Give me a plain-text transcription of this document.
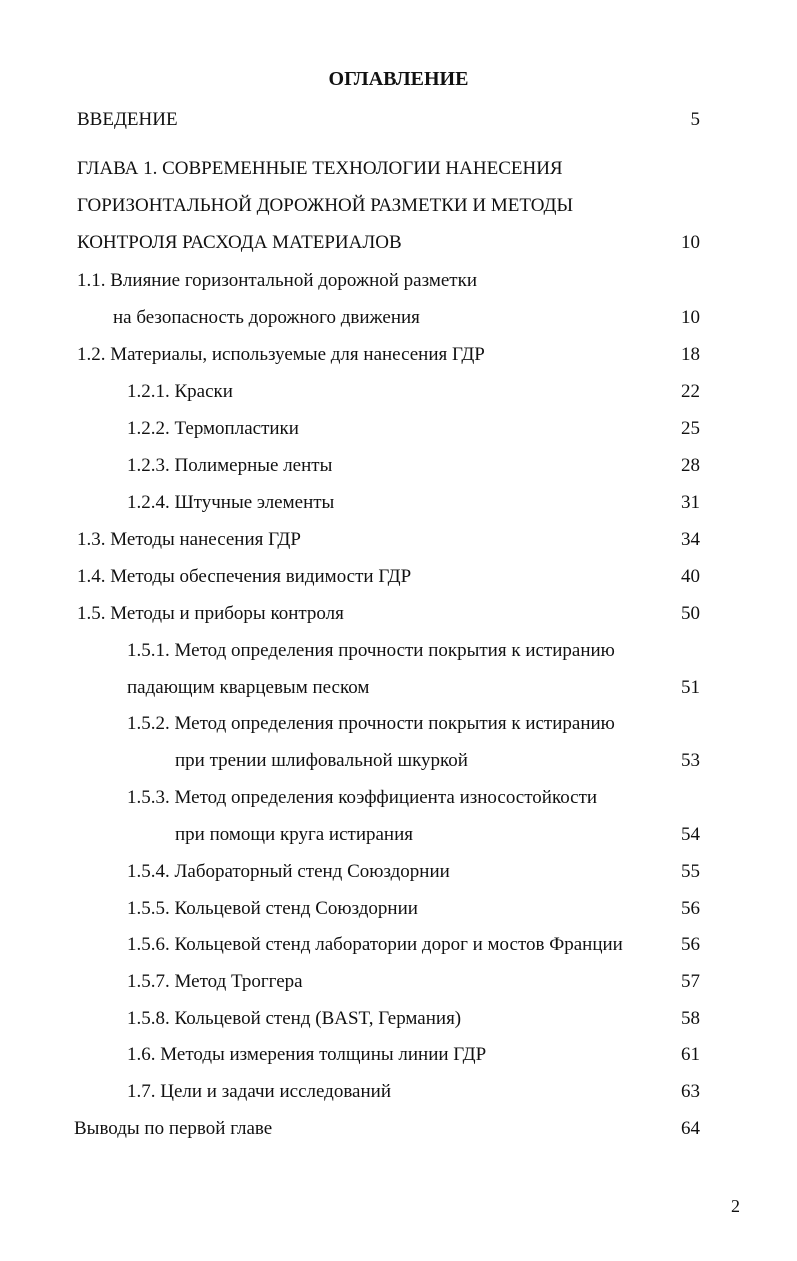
ОГЛАВЛЕНИЕ
ВВЕДЕНИЕ	5
ГЛАВА 1. СОВРЕМЕННЫЕ ТЕХНОЛОГИИ НАНЕСЕНИЯ
ГОРИЗОНТАЛЬНОЙ ДОРОЖНОЙ РАЗМЕТКИ И МЕТОДЫ
КОНТРОЛЯ РАСХОДА МАТЕРИАЛОВ	10
1.1. Влияние горизонтальной дорожной разметки
на безопасность дорожного движения	10
1.2. Материалы, используемые для нанесения ГДР	18
1.2.1. Краски	22
1.2.2. Термопластики	25
1.2.3. Полимерные ленты	28
1.2.4. Штучные элементы	31
1.3. Методы нанесения ГДР	34
1.4. Методы обеспечения видимости ГДР	40
1.5. Методы и приборы контроля	50
1.5.1. Метод определения прочности покрытия к истиранию
падающим кварцевым песком	51
1.5.2. Метод определения прочности покрытия к истиранию
при трении шлифовальной шкуркой	53
1.5.3. Метод определения коэффициента износостойкости
при помощи круга истирания	54
1.5.4. Лабораторный стенд Союздорнии	55
1.5.5. Кольцевой стенд Союздорнии	56
1.5.6. Кольцевой стенд лаборатории дорог и мостов Франции	56
1.5.7. Метод Троггера	57
1.5.8. Кольцевой стенд (BAST, Германия)	58
1.6. Методы измерения толщины линии ГДР	61
1.7. Цели и задачи исследований	63
Выводы по первой главе	64
2
